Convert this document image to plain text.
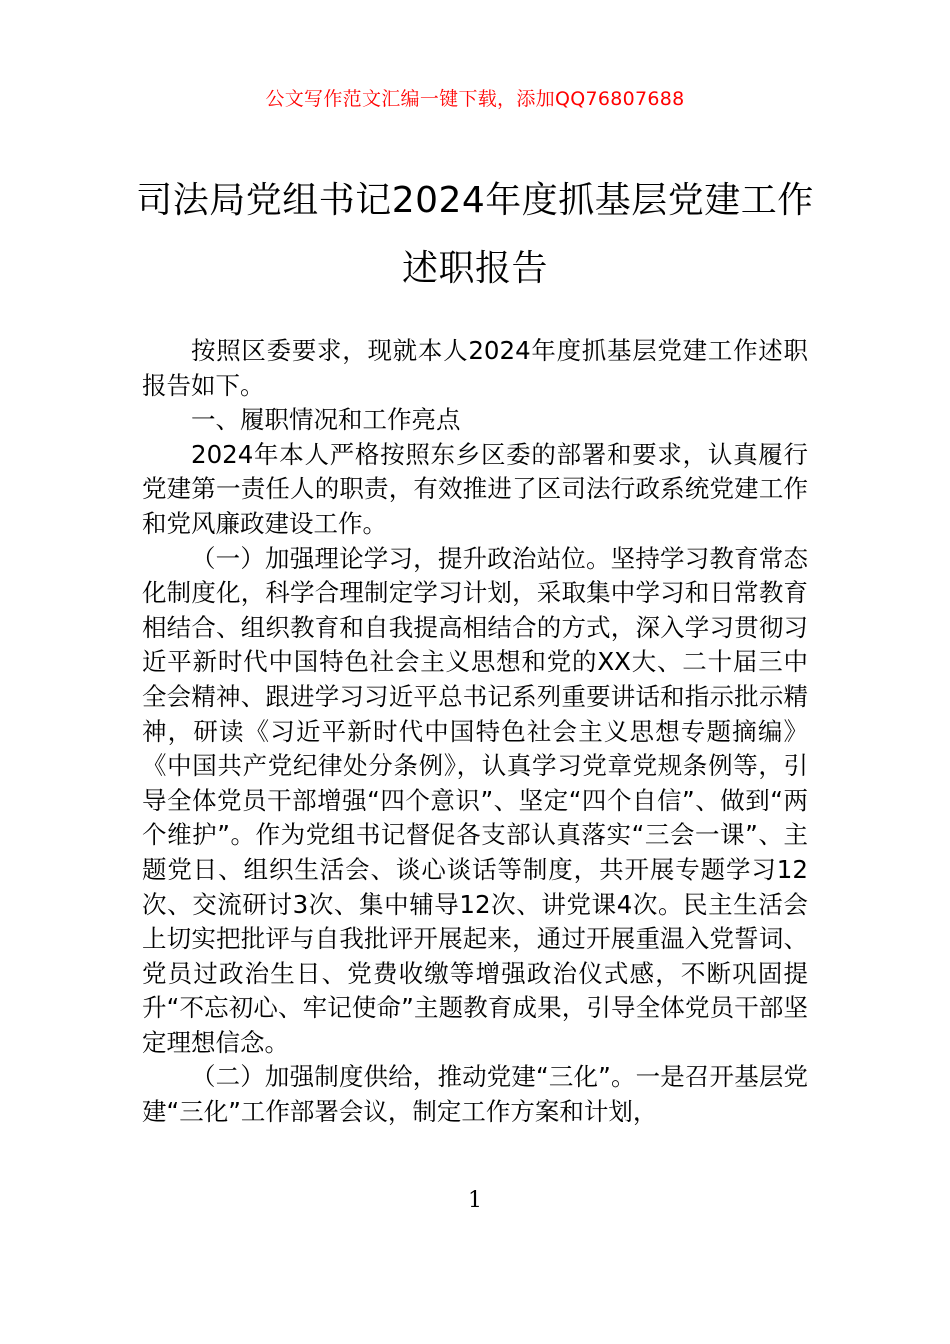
公文写作范文汇编一键下载，添加QQ76807688
司法局党组书记2024年度抓基层党建工作
述职报告

按照区委要求，现就本人2024年度抓基层党建工作述职报告如下。

一、履职情况和工作亮点

2024年本人严格按照东乡区委的部署和要求，认真履行党建第一责任人的职责，有效推进了区司法行政系统党建工作和党风廉政建设工作。

（一）加强理论学习，提升政治站位。坚持学习教育常态化制度化，科学合理制定学习计划，采取集中学习和日常教育相结合、组织教育和自我提高相结合的方式，深入学习贯彻习近平新时代中国特色社会主义思想和党的XX大、二十届三中全会精神、跟进学习习近平总书记系列重要讲话和指示批示精神，研读《习近平新时代中国特色社会主义思想专题摘编》《中国共产党纪律处分条例》，认真学习党章党规条例等，引导全体党员干部增强“四个意识”、坚定“四个自信”、做到“两个维护”。作为党组书记督促各支部认真落实“三会一课”、主题党日、组织生活会、谈心谈话等制度，共开展专题学习12次、交流研讨3次、集中辅导12次、讲党课4次。民主生活会上切实把批评与自我批评开展起来，通过开展重温入党誓词、党员过政治生日、党费收缴等增强政治仪式感，不断巩固提升“不忘初心、牢记使命”主题教育成果，引导全体党员干部坚定理想信念。

（二）加强制度供给，推动党建“三化”。一是召开基层党建“三化”工作部署会议，制定工作方案和计划，

1
